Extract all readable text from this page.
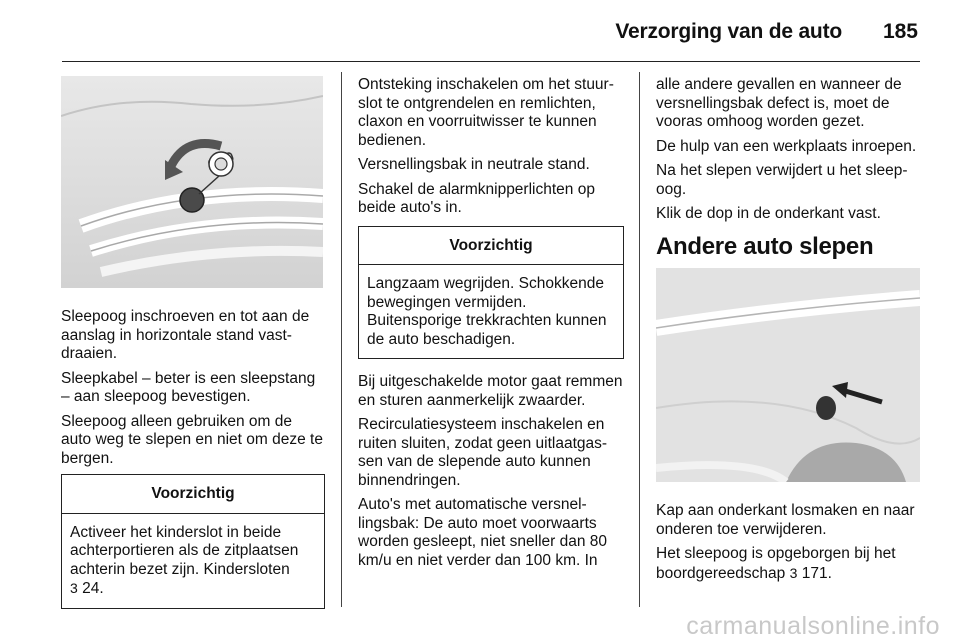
Verzorging van de auto 185

Sleepoog inschroeven en tot aan de aanslag in horizontale stand vastdraaien.

Sleepkabel – beter is een sleepstang – aan sleepoog bevestigen.

Sleepoog alleen gebruiken om de auto weg te slepen en niet om deze te bergen.

Voorzichtig
Activeer het kinderslot in beide achterportieren als de zitplaatsen achterin bezet zijn. Kindersloten
3 24.

Ontsteking inschakelen om het stuurslot te ontgrendelen en remlichten, claxon en voorruitwisser te kunnen bedienen.

Versnellingsbak in neutrale stand.

Schakel de alarmknipperlichten op beide auto's in.

Voorzichtig
Langzaam wegrijden. Schokkende bewegingen vermijden. Buitensporige trekkrachten kunnen de auto beschadigen.

Bij uitgeschakelde motor gaat remmen en sturen aanmerkelijk zwaarder.

Recirculatiesysteem inschakelen en ruiten sluiten, zodat geen uitlaatgassen van de slepende auto kunnen binnendringen.

Auto's met automatische versnellingsbak: De auto moet voorwaarts worden gesleept, niet sneller dan 80 km/u en niet verder dan 100 km. In

alle andere gevallen en wanneer de versnellingsbak defect is, moet de vooras omhoog worden gezet.

De hulp van een werkplaats inroepen.

Na het slepen verwijdert u het sleepoog.

Klik de dop in de onderkant vast.

Andere auto slepen

Kap aan onderkant losmaken en naar onderen toe verwijderen.

Het sleepoog is opgeborgen bij het boordgereedschap 3 171.

carmanualsonline.info
